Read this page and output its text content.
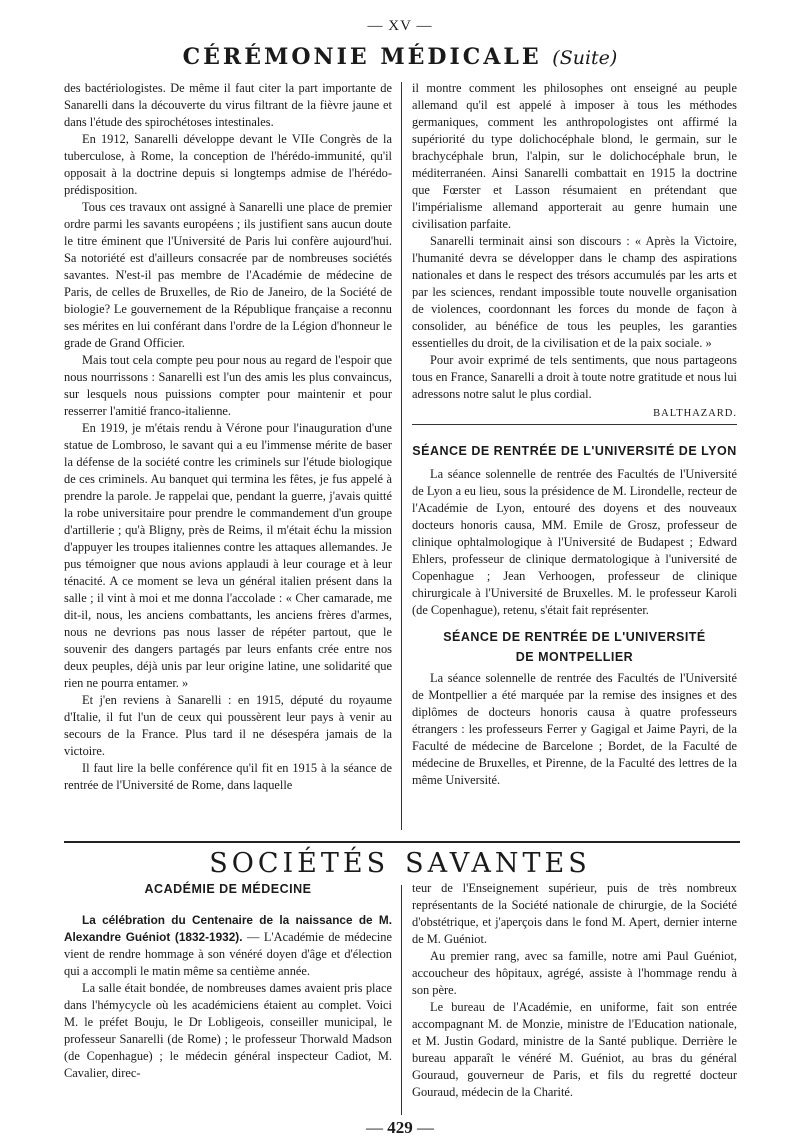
— XV —
CÉRÉMONIE MÉDICALE (Suite)

des bactériologistes. De même il faut citer la part importante de Sanarelli dans la découverte du virus filtrant de la fièvre jaune et dans l'étude des spirochétoses intestinales.

En 1912, Sanarelli développe devant le VIIe Congrès de la tuberculose, à Rome, la conception de l'hérédo-immunité, qu'il opposait à la doctrine depuis si longtemps admise de l'hérédo-prédisposition.

Tous ces travaux ont assigné à Sanarelli une place de premier ordre parmi les savants européens ; ils justifient sans aucun doute le titre éminent que l'Université de Paris lui confère aujourd'hui. Sa notoriété est d'ailleurs consacrée par de nombreuses sociétés savantes. N'est-il pas membre de l'Académie de médecine de Paris, de celles de Bruxelles, de Rio de Janeiro, de la Société de biologie? Le gouvernement de la République française a reconnu ses mérites en lui conférant dans l'ordre de la Légion d'honneur le grade de Grand Officier.

Mais tout cela compte peu pour nous au regard de l'espoir que nous nourrissons : Sanarelli est l'un des amis les plus convaincus, sur lesquels nous puissions compter pour maintenir et pour resserrer l'amitié franco-italienne.

En 1919, je m'étais rendu à Vérone pour l'inauguration d'une statue de Lombroso, le savant qui a eu l'immense mérite de baser la défense de la société contre les criminels sur l'étude biologique de ces criminels. Au banquet qui termina les fêtes, je fus appelé à prendre la parole. Je rappelai que, pendant la guerre, j'avais quitté la robe universitaire pour prendre le commandement d'un groupe d'artillerie ; qu'à Bligny, près de Reims, il m'était échu la mission d'appuyer les troupes italiennes contre les attaques allemandes. Je pus témoigner que nous avions applaudi à leur courage et à leur ténacité. A ce moment se leva un général italien présent dans la salle ; il vint à moi et me donna l'accolade : « Cher camarade, me dit-il, nous, les anciens combattants, les anciens frères d'armes, nous ne devrions pas nous lasser de répéter partout, que le souvenir des dangers partagés par leurs enfants crée entre nos deux peuples, déjà unis par leur origine latine, une solidarité que rien ne pourra entamer. »

Et j'en reviens à Sanarelli : en 1915, député du royaume d'Italie, il fut l'un de ceux qui poussèrent leur pays à venir au secours de la France. Plus tard il ne désespéra jamais de la victoire.

Il faut lire la belle conférence qu'il fit en 1915 à la séance de rentrée de l'Université de Rome, dans laquelle

il montre comment les philosophes ont enseigné au peuple allemand qu'il est appelé à imposer à tous les méthodes germaniques, comment les anthropologistes ont affirmé la supériorité du type dolichocéphale blond, le germain, sur le brachycéphale brun, l'alpin, sur le dolichocéphale brun, le méditerranéen. Ainsi Sanarelli combattait en 1915 la doctrine que Fœrster et Lasson résumaient en prétendant que l'impérialisme allemand apporterait au genre humain une civilisation parfaite.

Sanarelli terminait ainsi son discours : « Après la Victoire, l'humanité devra se développer dans le champ des aspirations nationales et dans le respect des trésors accumulés par les arts et par les sciences, rendant impossible toute nouvelle organisation de violences, coordonnant les forces du monde de façon à consolider, au bénéfice de tous les peuples, les garanties essentielles du droit, de la civilisation et de la paix sociale. »

Pour avoir exprimé de tels sentiments, que nous partageons tous en France, Sanarelli a droit à toute notre gratitude et nous lui adressons notre salut le plus cordial.

BALTHAZARD.
SÉANCE DE RENTRÉE DE L'UNIVERSITÉ DE LYON

La séance solennelle de rentrée des Facultés de l'Université de Lyon a eu lieu, sous la présidence de M. Lirondelle, recteur de l'Académie de Lyon, entouré des doyens et des nouveaux docteurs honoris causa, MM. Emile de Grosz, professeur de clinique ophtalmologique à l'Université de Budapest ; Edward Ehlers, professeur de clinique dermatologique à l'université de Copenhague ; Jean Verhoogen, professeur de clinique chirurgicale à l'Université de Bruxelles. M. le professeur Karoli (de Copenhague), retenu, s'était fait représenter.

SÉANCE DE RENTRÉE DE L'UNIVERSITÉ
DE MONTPELLIER

La séance solennelle de rentrée des Facultés de l'Université de Montpellier a été marquée par la remise des insignes et des diplômes de docteurs honoris causa à quatre professeurs étrangers : les professeurs Ferrer y Gagigal et Jaime Payri, de la Faculté de médecine de Barcelone ; Bordet, de la Faculté de médecine de Bruxelles, et Pirenne, de la Faculté des lettres de la même Université.

SOCIÉTÉS SAVANTES
ACADÉMIE DE MÉDECINE

La célébration du Centenaire de la naissance de M. Alexandre Guéniot (1832-1932). — L'Académie de médecine vient de rendre hommage à son vénéré doyen d'âge et d'élection qui a accompli le matin même sa centième année.

La salle était bondée, de nombreuses dames avaient pris place dans l'hémycycle où les académiciens étaient au complet. Voici M. le préfet Bouju, le Dr Lobligeois, conseiller municipal, le professeur Sanarelli (de Rome) ; le professeur Thorwald Madson (de Copenhague) ; le médecin général inspecteur Cadiot, M. Cavalier, direc-

teur de l'Enseignement supérieur, puis de très nombreux représentants de la Société nationale de chirurgie, de la Société d'obstétrique, et j'aperçois dans le fond M. Apert, dernier interne de M. Guéniot.

Au premier rang, avec sa famille, notre ami Paul Guéniot, accoucheur des hôpitaux, agrégé, assiste à l'hommage rendu à son père.

Le bureau de l'Académie, en uniforme, fait son entrée accompagnant M. de Monzie, ministre de l'Education nationale, et M. Justin Godard, ministre de la Santé publique. Derrière le bureau apparaît le vénéré M. Guéniot, au bras du général Gouraud, gouverneur de Paris, et fils du regretté docteur Gouraud, médecin de la Charité.

— 429 —
